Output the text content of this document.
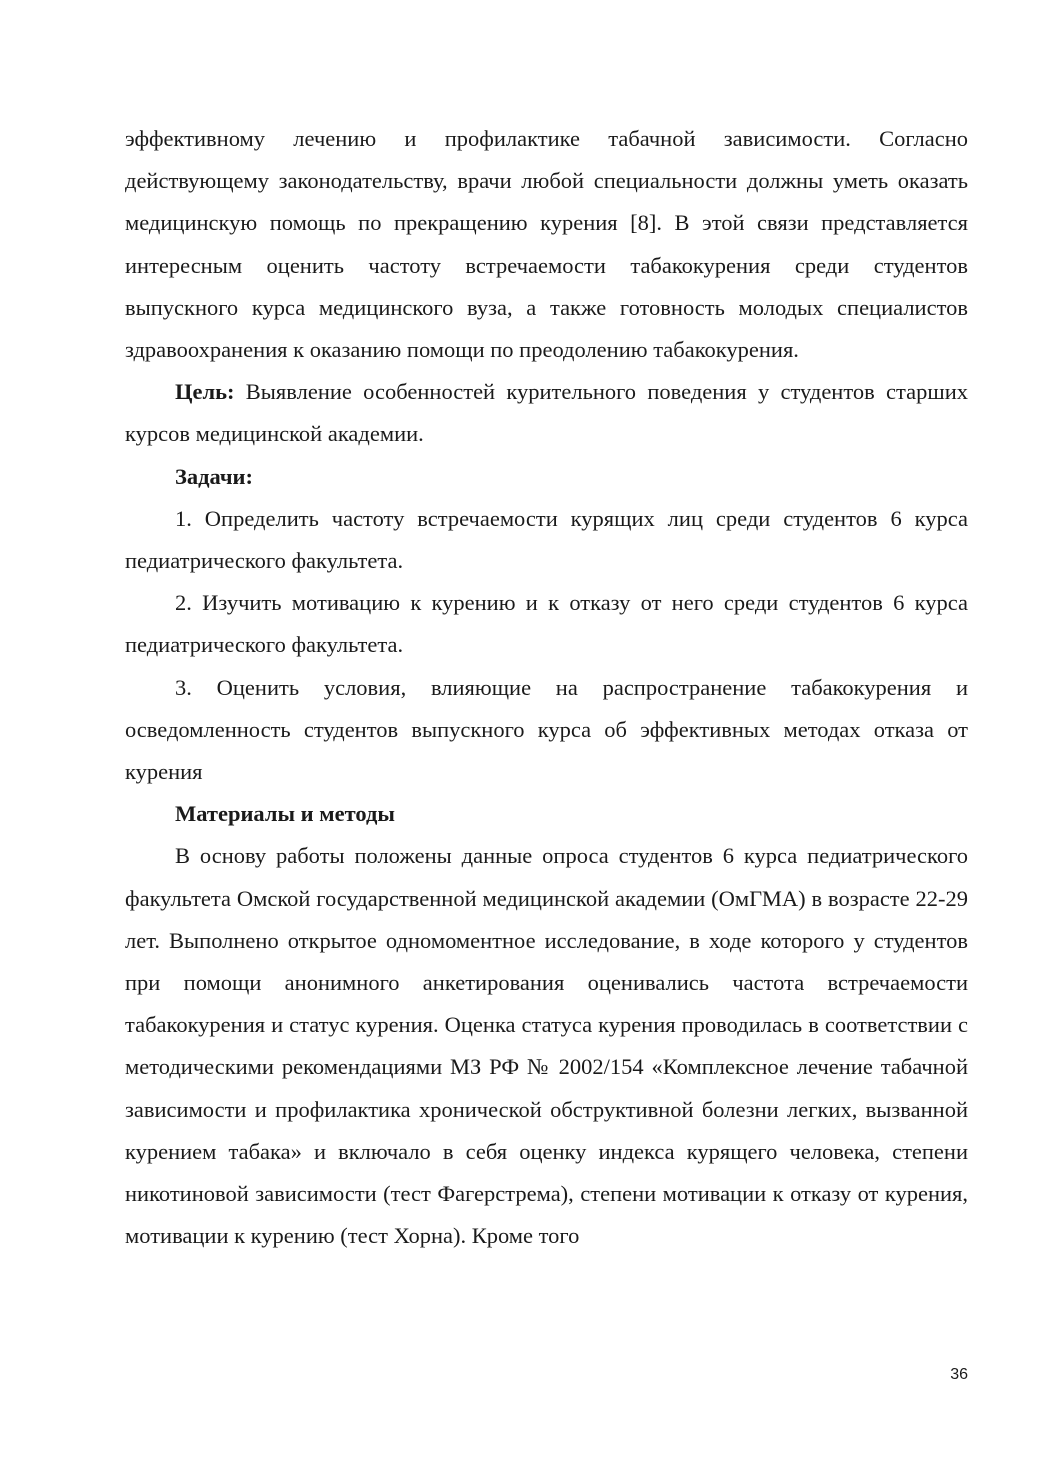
эффективному лечению и профилактике табачной зависимости. Согласно действующему законодательству, врачи любой специальности должны уметь оказать медицинскую помощь по прекращению курения [8]. В этой связи представляется интересным оценить частоту встречаемости табакокурения среди студентов выпускного курса медицинского вуза, а также готовность молодых специалистов здравоохранения к оказанию помощи по преодолению табакокурения.

Цель: Выявление особенностей курительного поведения у студентов старших курсов медицинской академии.

Задачи:

1. Определить частоту встречаемости курящих лиц среди студентов 6 курса педиатрического факультета.

2. Изучить мотивацию к курению и к отказу от него среди студентов 6 курса педиатрического факультета.

3. Оценить условия, влияющие на распространение табакокурения и осведомленность студентов выпускного курса об эффективных методах отказа от курения

Материалы и методы

В основу работы положены данные опроса студентов 6 курса педиатрического факультета Омской государственной медицинской академии (ОмГМА) в возрасте 22-29 лет. Выполнено открытое одномоментное исследование, в ходе которого у студентов при помощи анонимного анкетирования оценивались частота встречаемости табакокурения и статус курения. Оценка статуса курения проводилась в соответствии с методическими рекомендациями МЗ РФ № 2002/154 «Комплексное лечение табачной зависимости и профилактика хронической обструктивной болезни легких, вызванной курением табака» и включало в себя оценку индекса курящего человека, степени никотиновой зависимости (тест Фагерстрема), степени мотивации к отказу от курения, мотивации к курению (тест Хорна). Кроме того

36
